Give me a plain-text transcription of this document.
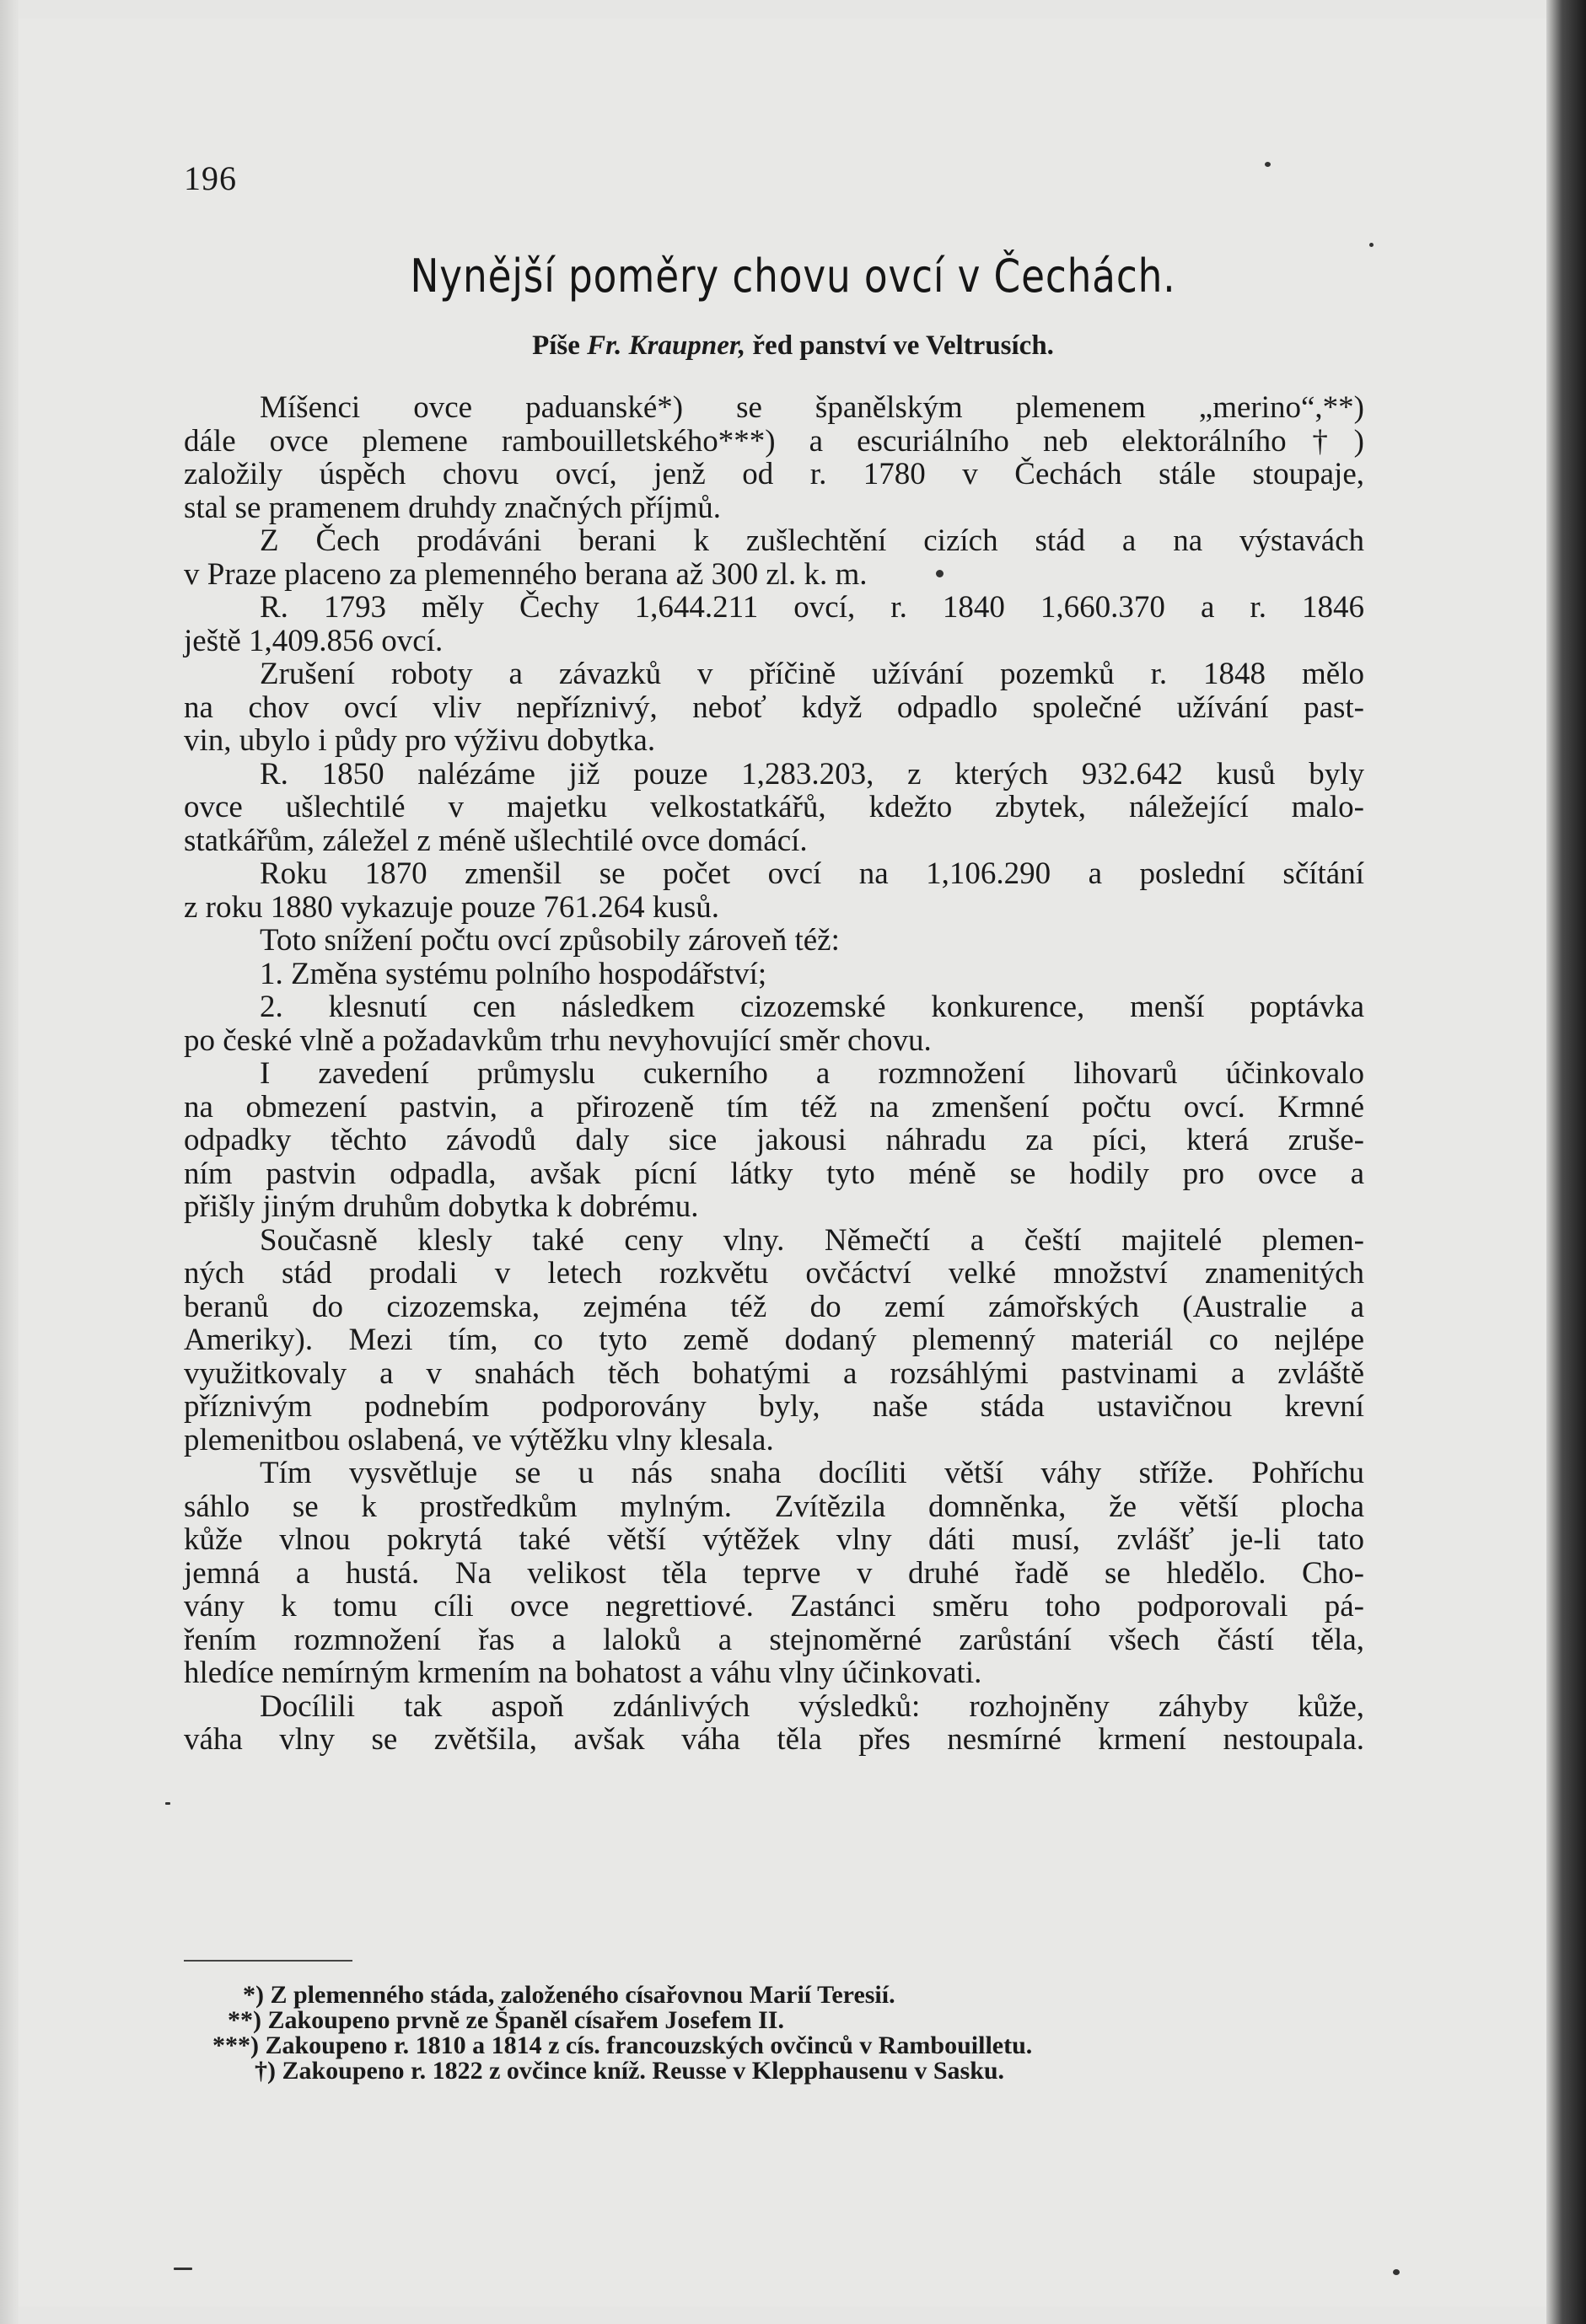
196
Nynější poměry chovu ovcí v Čechách.
Píše Fr. Kraupner, řed panství ve Veltrusích.
Míšenci ovce paduanské*) se španělským plemenem „merino“,**)
dále ovce plemene rambouilletského***) a escuriálního neb elektorálního†)
založily úspěch chovu ovcí, jenž od r. 1780 v Čechách stále stoupaje,
stal se pramenem druhdy značných příjmů.
Z Čech prodáváni berani k zušlechtění cizích stád a na výstavách
v Praze placeno za plemenného berana až 300 zl. k. m.
R. 1793 měly Čechy 1,644.211 ovcí, r. 1840 1,660.370 a r. 1846
ještě 1,409.856 ovcí.
Zrušení roboty a závazků v příčině užívání pozemků r. 1848 mělo
na chov ovcí vliv nepříznivý, neboť když odpadlo společné užívání past-
vin, ubylo i půdy pro výživu dobytka.
R. 1850 nalézáme již pouze 1,283.203, z kterých 932.642 kusů byly
ovce ušlechtilé v majetku velkostatkářů, kdežto zbytek, náležející malo-
statkářům, záležel z méně ušlechtilé ovce domácí.
Roku 1870 zmenšil se počet ovcí na 1,106.290 a poslední sčítání
z roku 1880 vykazuje pouze 761.264 kusů.
Toto snížení počtu ovcí způsobily zároveň též:
1. Změna systému polního hospodářství;
2. klesnutí cen následkem cizozemské konkurence, menší poptávka
po české vlně a požadavkům trhu nevyhovující směr chovu.
I zavedení průmyslu cukerního a rozmnožení lihovarů účinkovalo
na obmezení pastvin, a přirozeně tím též na zmenšení počtu ovcí. Krmné
odpadky těchto závodů daly sice jakousi náhradu za píci, která zruše-
ním pastvin odpadla, avšak pícní látky tyto méně se hodily pro ovce a
přišly jiným druhům dobytka k dobrému.
Současně klesly také ceny vlny. Němečtí a čeští majitelé plemen-
ných stád prodali v letech rozkvětu ovčáctví velké množství znamenitých
beranů do cizozemska, zejména též do zemí zámořských (Australie a
Ameriky). Mezi tím, co tyto země dodaný plemenný materiál co nejlépe
využitkovaly a v snahách těch bohatými a rozsáhlými pastvinami a zvláště
příznivým podnebím podporovány byly, naše stáda ustavičnou krevní
plemenitbou oslabená, ve výtěžku vlny klesala.
Tím vysvětluje se u nás snaha docíliti větší váhy stříže. Pohříchu
sáhlo se k prostředkům mylným. Zvítězila domněnka, že větší plocha
kůže vlnou pokrytá také větší výtěžek vlny dáti musí, zvlášť je-li tato
jemná a hustá. Na velikost těla teprve v druhé řadě se hledělo. Cho-
vány k tomu cíli ovce negrettiové. Zastánci směru toho podporovali pá-
řením rozmnožení řas a laloků a stejnoměrné zarůstání všech částí těla,
hledíce nemírným krmením na bohatost a váhu vlny účinkovati.
Docílili tak aspoň zdánlivých výsledků: rozhojněny záhyby kůže,
váha vlny se zvětšila, avšak váha těla přes nesmírné krmení nestoupala.
*) Z plemenného stáda, založeného císařovnou Marií Teresií.
**) Zakoupeno prvně ze Španěl císařem Josefem II.
***) Zakoupeno r. 1810 a 1814 z cís. francouzských ovčinců v Rambouilletu.
†) Zakoupeno r. 1822 z ovčince kníž. Reusse v Klepphausenu v Sasku.
